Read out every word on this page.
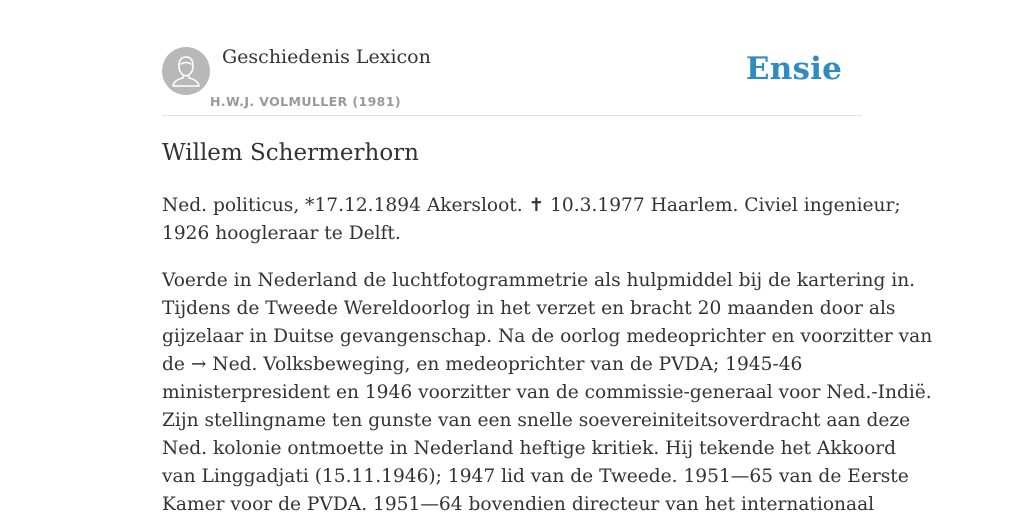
Geschiedenis Lexicon
H.W.J. VOLMULLER (1981)
Ensie
Willem Schermerhorn

Ned. politicus, *17.12.1894 Akersloot. ✝ 10.3.1977 Haarlem. Civiel ingenieur;
1926 hoogleraar te Delft.

Voerde in Nederland de luchtfotogrammetrie als hulpmiddel bij de kartering in.
Tijdens de Tweede Wereldoorlog in het verzet en bracht 20 maanden door als
gijzelaar in Duitse gevangenschap. Na de oorlog medeoprichter en voorzitter van
de → Ned. Volksbeweging, en medeoprichter van de PVDA; 1945-46
ministerpresident en 1946 voorzitter van de commissie-generaal voor Ned.-Indië.
Zijn stellingname ten gunste van een snelle soevereiniteitsoverdracht aan deze
Ned. kolonie ontmoette in Nederland heftige kritiek. Hij tekende het Akkoord
van Linggadjati (15.11.1946); 1947 lid van de Tweede. 1951—65 van de Eerste
Kamer voor de PVDA. 1951—64 bovendien directeur van het internationaal
